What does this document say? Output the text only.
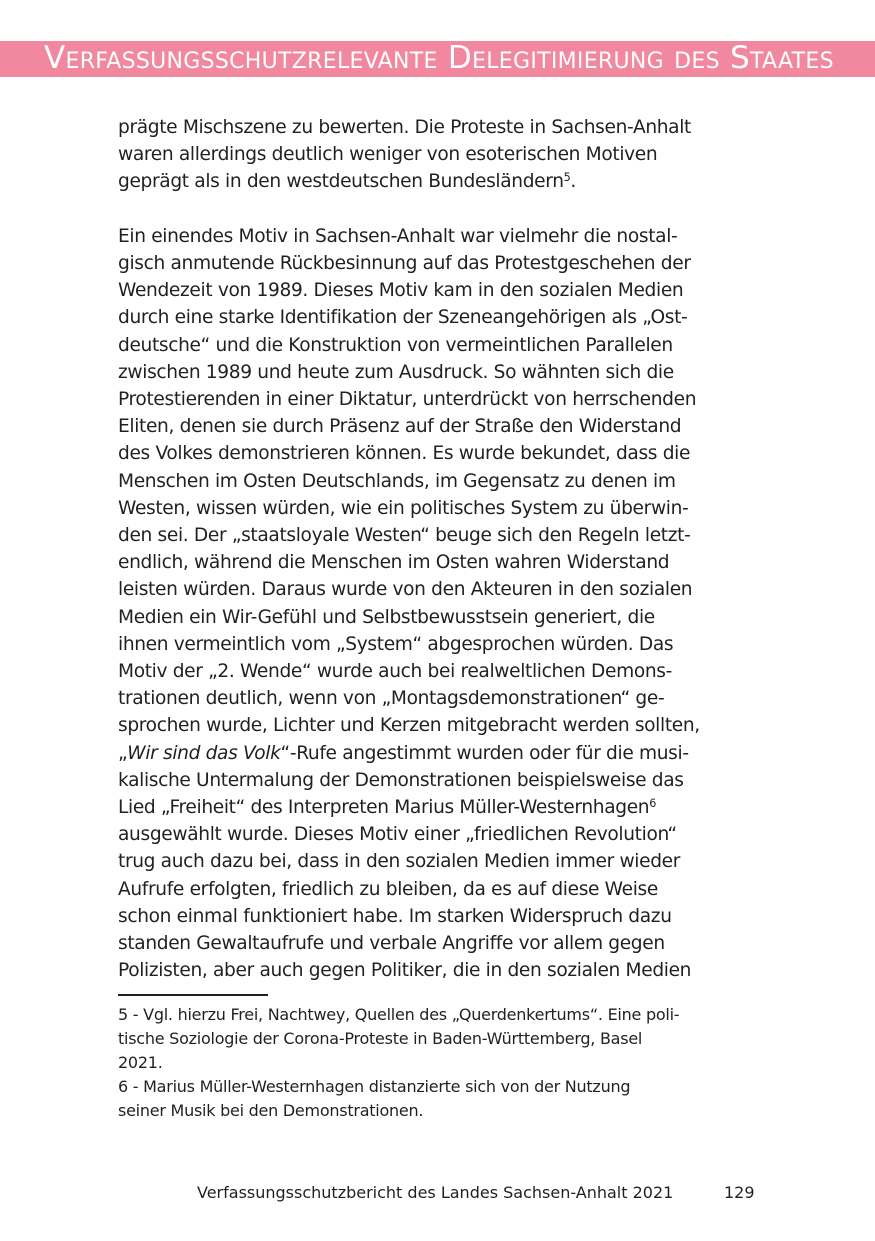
Verfassungsschutzrelevante Delegitimierung des Staates

prägte Mischszene zu bewerten. Die Proteste in Sachsen-Anhalt

waren allerdings deutlich weniger von esoterischen Motiven

geprägt als in den westdeutschen Bundesländern$^5$.

Ein einendes Motiv in Sachsen-Anhalt war vielmehr die nostal-

gisch anmutende Rückbesinnung auf das Protestgeschehen der

Wendezeit von 1989. Dieses Motiv kam in den sozialen Medien

durch eine starke Identifikation der Szeneangehörigen als „Ost-

deutsche“ und die Konstruktion von vermeintlichen Parallelen

zwischen 1989 und heute zum Ausdruck. So wähnten sich die

Protestierenden in einer Diktatur, unterdrückt von herrschenden

Eliten, denen sie durch Präsenz auf der Straße den Widerstand

des Volkes demonstrieren können. Es wurde bekundet, dass die

Menschen im Osten Deutschlands, im Gegensatz zu denen im

Westen, wissen würden, wie ein politisches System zu überwin-

den sei. Der „staatsloyale Westen“ beuge sich den Regeln letzt-

endlich, während die Menschen im Osten wahren Widerstand

leisten würden. Daraus wurde von den Akteuren in den sozialen

Medien ein Wir-Gefühl und Selbstbewusstsein generiert, die

ihnen vermeintlich vom „System“ abgesprochen würden. Das

Motiv der „2. Wende“ wurde auch bei realweltlichen Demons-

trationen deutlich, wenn von „Montagsdemonstrationen“ ge-

sprochen wurde, Lichter und Kerzen mitgebracht werden sollten,

„Wir sind das Volk“-Rufe angestimmt wurden oder für die musi-

kalische Untermalung der Demonstrationen beispielsweise das

Lied „Freiheit“ des Interpreten Marius Müller-Westernhagen$^6$

ausgewählt wurde. Dieses Motiv einer „friedlichen Revolution“

trug auch dazu bei, dass in den sozialen Medien immer wieder

Aufrufe erfolgten, friedlich zu bleiben, da es auf diese Weise

schon einmal funktioniert habe. Im starken Widerspruch dazu

standen Gewaltaufrufe und verbale Angriffe vor allem gegen

Polizisten, aber auch gegen Politiker, die in den sozialen Medien

5 - Vgl. hierzu Frei, Nachtwey, Quellen des „Querdenkertums“. Eine poli-

tische Soziologie der Corona-Proteste in Baden-Württemberg, Basel

2021.

6 - Marius Müller-Westernhagen distanzierte sich von der Nutzung

seiner Musik bei den Demonstrationen.

Verfassungsschutzbericht des Landes Sachsen-Anhalt 2021	129
